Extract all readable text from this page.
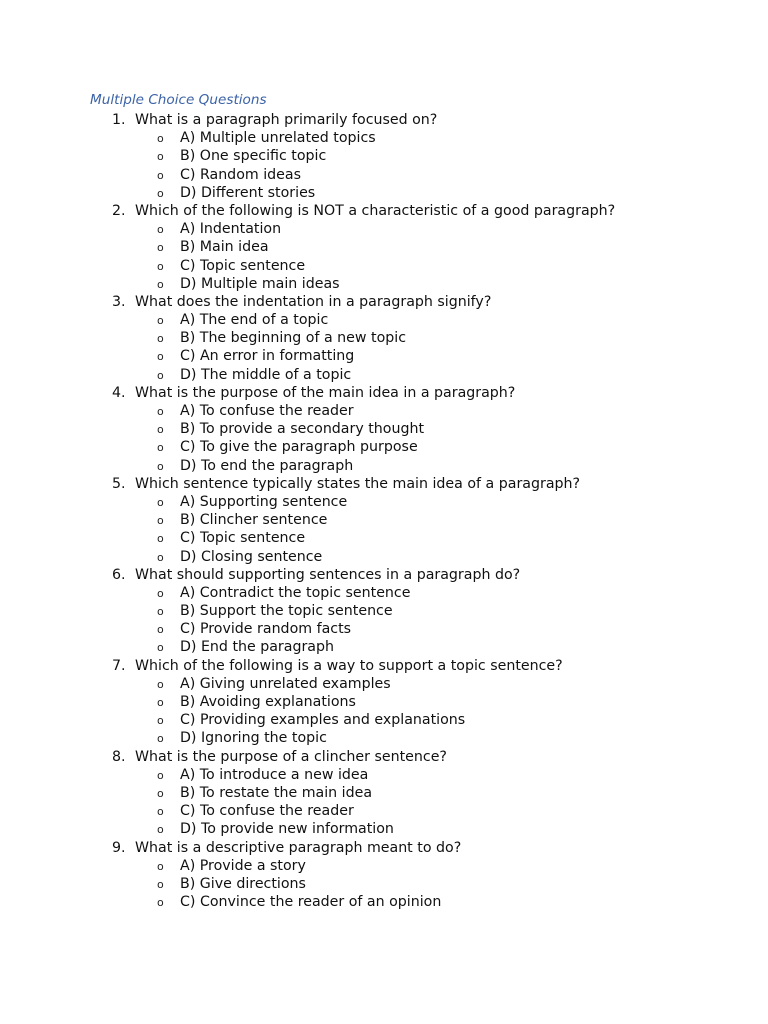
Multiple Choice Questions
1. What is a paragraph primarily focused on?
o A) Multiple unrelated topics
o B) One specific topic
o C) Random ideas
o D) Different stories
2. Which of the following is NOT a characteristic of a good paragraph?
o A) Indentation
o B) Main idea
o C) Topic sentence
o D) Multiple main ideas
3. What does the indentation in a paragraph signify?
o A) The end of a topic
o B) The beginning of a new topic
o C) An error in formatting
o D) The middle of a topic
4. What is the purpose of the main idea in a paragraph?
o A) To confuse the reader
o B) To provide a secondary thought
o C) To give the paragraph purpose
o D) To end the paragraph
5. Which sentence typically states the main idea of a paragraph?
o A) Supporting sentence
o B) Clincher sentence
o C) Topic sentence
o D) Closing sentence
6. What should supporting sentences in a paragraph do?
o A) Contradict the topic sentence
o B) Support the topic sentence
o C) Provide random facts
o D) End the paragraph
7. Which of the following is a way to support a topic sentence?
o A) Giving unrelated examples
o B) Avoiding explanations
o C) Providing examples and explanations
o D) Ignoring the topic
8. What is the purpose of a clincher sentence?
o A) To introduce a new idea
o B) To restate the main idea
o C) To confuse the reader
o D) To provide new information
9. What is a descriptive paragraph meant to do?
o A) Provide a story
o B) Give directions
o C) Convince the reader of an opinion
